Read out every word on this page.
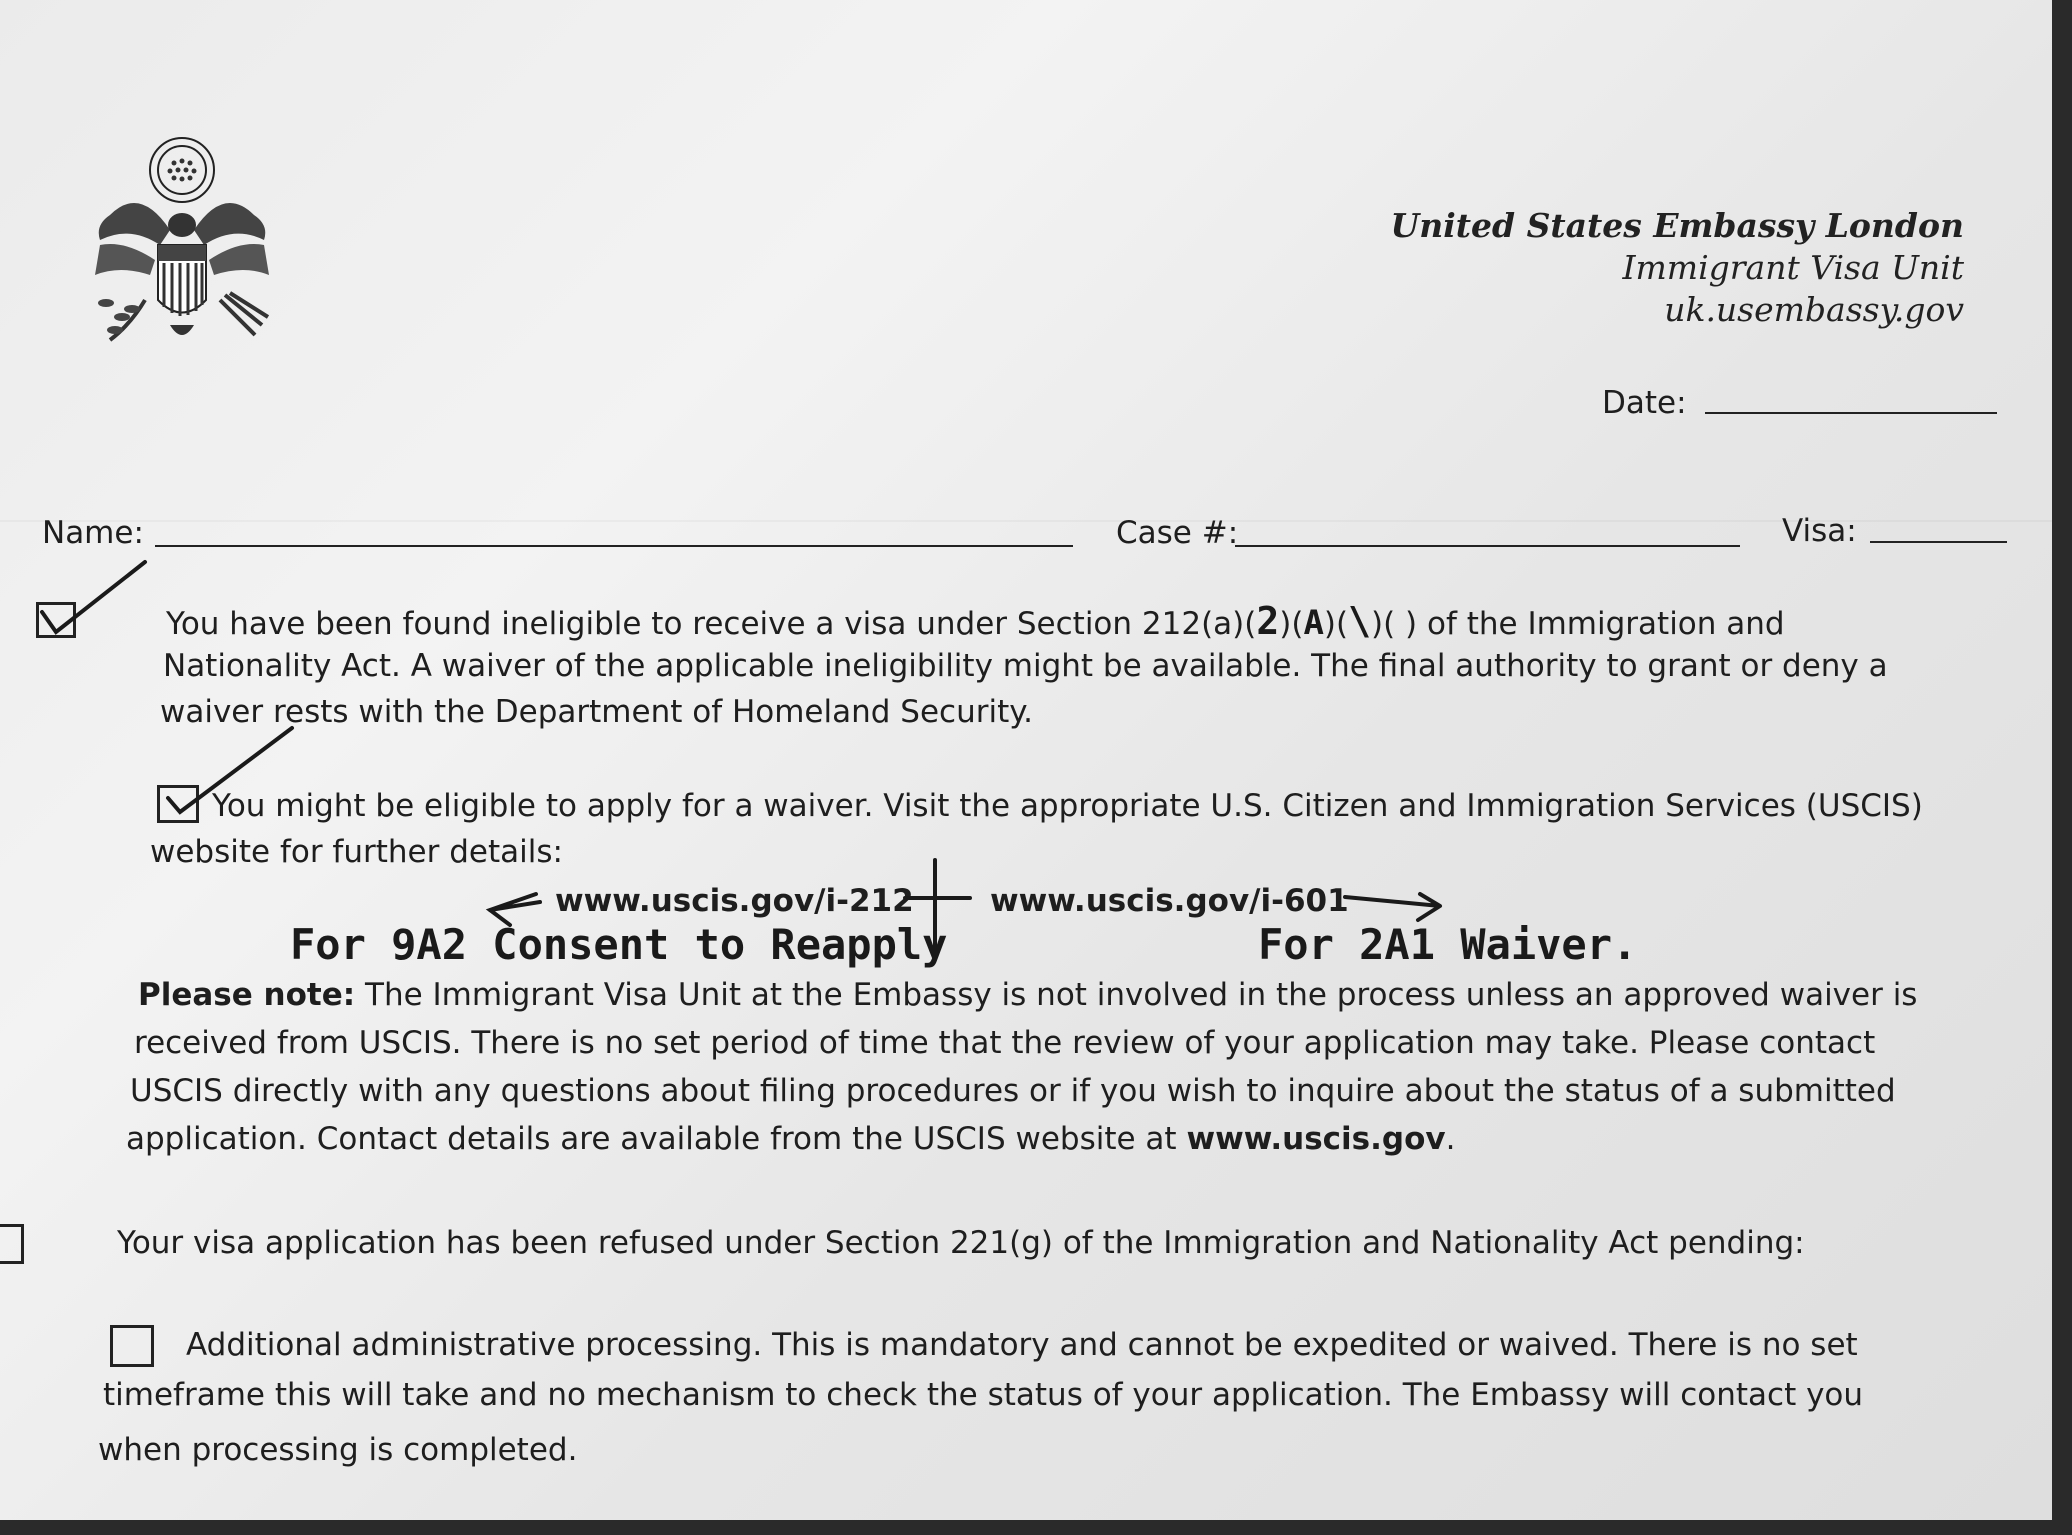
United States Embassy London
Immigrant Visa Unit
uk.usembassy.gov
Date:
Name:	Case #:	Visa:
You have been found ineligible to receive a visa under Section 212(a)(2)(A)(\)( ) of the Immigration and
Nationality Act. A waiver of the applicable ineligibility might be available. The final authority to grant or deny a
waiver rests with the Department of Homeland Security.
You might be eligible to apply for a waiver. Visit the appropriate U.S. Citizen and Immigration Services (USCIS)
website for further details:
www.uscis.gov/i-212 www.uscis.gov/i-601
For 9A2 Consent to Reapply	For 2A1 Waiver.
Please note: The Immigrant Visa Unit at the Embassy is not involved in the process unless an approved waiver is
received from USCIS. There is no set period of time that the review of your application may take. Please contact
USCIS directly with any questions about filing procedures or if you wish to inquire about the status of a submitted
application. Contact details are available from the USCIS website at www.uscis.gov.
Your visa application has been refused under Section 221(g) of the Immigration and Nationality Act pending:
Additional administrative processing. This is mandatory and cannot be expedited or waived. There is no set
timeframe this will take and no mechanism to check the status of your application. The Embassy will contact you
when processing is completed.
